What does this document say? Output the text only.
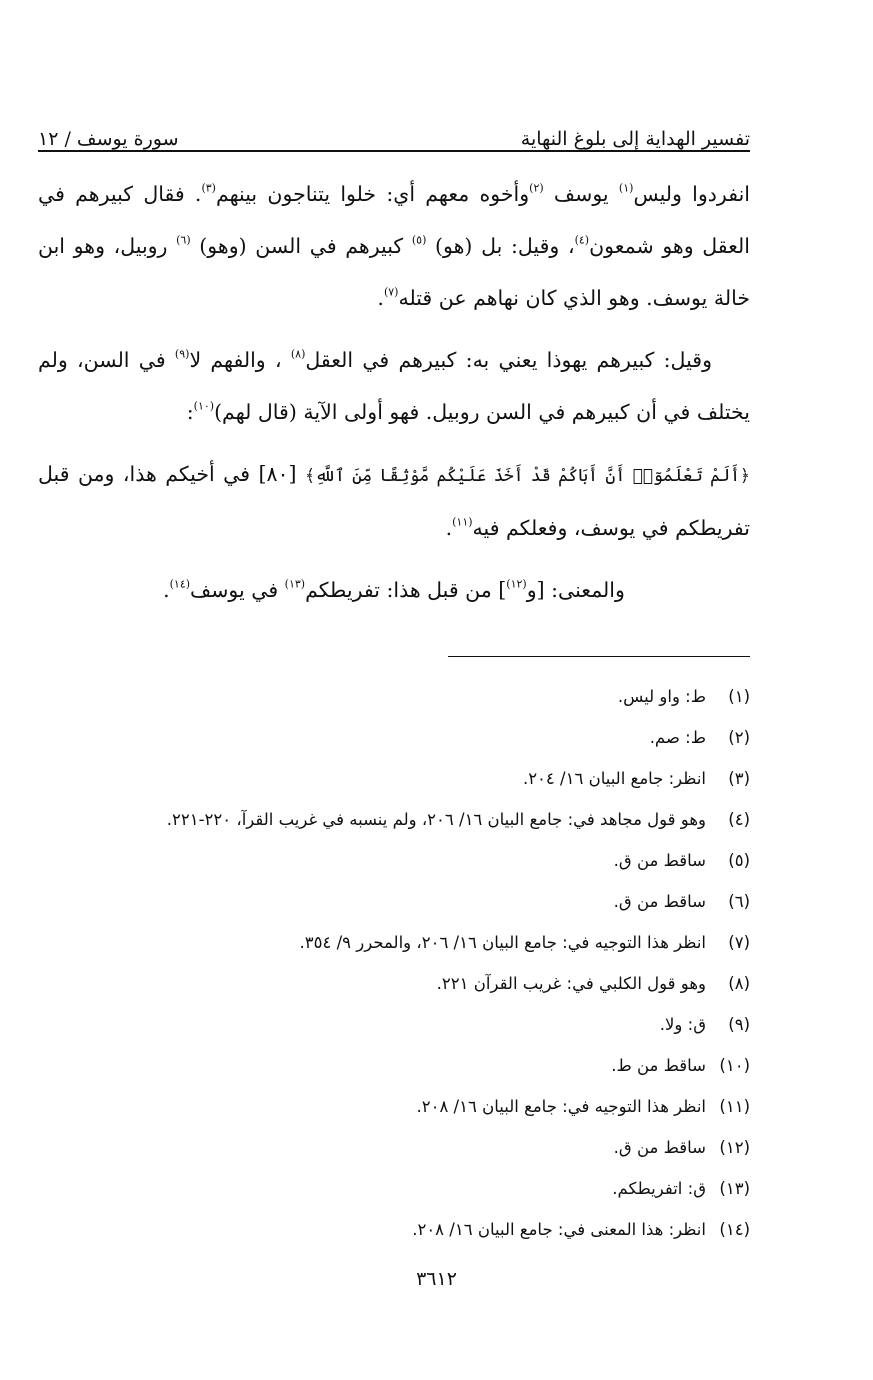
سورة يوسف / ١٢	تفسير الهداية إلى بلوغ النهاية

انفردوا وليس$^{(١)}$ يوسف $^{(٢)}$وأخوه معهم أي: خلوا يتناجون بينهم$^{(٣)}$. فقال كبيرهم في العقل وهو شمعون$^{(٤)}$، وقيل: بل (هو) $^{(٥)}$ كبيرهم في السن (وهو) $^{(٦)}$ روبيل، وهو ابن خالة يوسف. وهو الذي كان نهاهم عن قتله$^{(٧)}$.

وقيل: كبيرهم يهوذا يعني به: كبيرهم في العقل$^{(٨)}$ ، والفهم لا$^{(٩)}$ في السن، ولم يختلف في أن كبيرهم في السن روبيل. فهو أولى الآية (قال لهم)$^{(١٠)}$:

﴿أَلَمْ تَعْلَمُوٓا۟ أَنَّ أَبَاكُمْ قَدْ أَخَذَ عَلَيْكُم مَّوْثِقًا مِّنَ ٱللَّهِ﴾ [٨٠] في أخيكم هذا، ومن قبل تفريطكم في يوسف، وفعلكم فيه$^{(١١)}$.

والمعنى: [و$^{(١٢)}$] من قبل هذا: تفريطكم$^{(١٣)}$ في يوسف$^{(١٤)}$.

(١)
ط: واو ليس.
(٢)
ط: صم.
(٣)
انظر: جامع البيان ١٦/ ٢٠٤.
(٤)
وهو قول مجاهد في: جامع البيان ١٦/ ٢٠٦، ولم ينسبه في غريب القرآ، ٢٢٠-٢٢١.
(٥)
ساقط من ق.
(٦)
ساقط من ق.
(٧)
انظر هذا التوجيه في: جامع البيان ١٦/ ٢٠٦، والمحرر ٩/ ٣٥٤.
(٨)
وهو قول الكلبي في: غريب القرآن ٢٢١.
(٩)
ق: ولا.
(١٠)
ساقط من ط.
(١١)
انظر هذا التوجيه في: جامع البيان ١٦/ ٢٠٨.
(١٢)
ساقط من ق.
(١٣)
ق: اتفريطكم.
(١٤)
انظر: هذا المعنى في: جامع البيان ١٦/ ٢٠٨.
٣٦١٢
